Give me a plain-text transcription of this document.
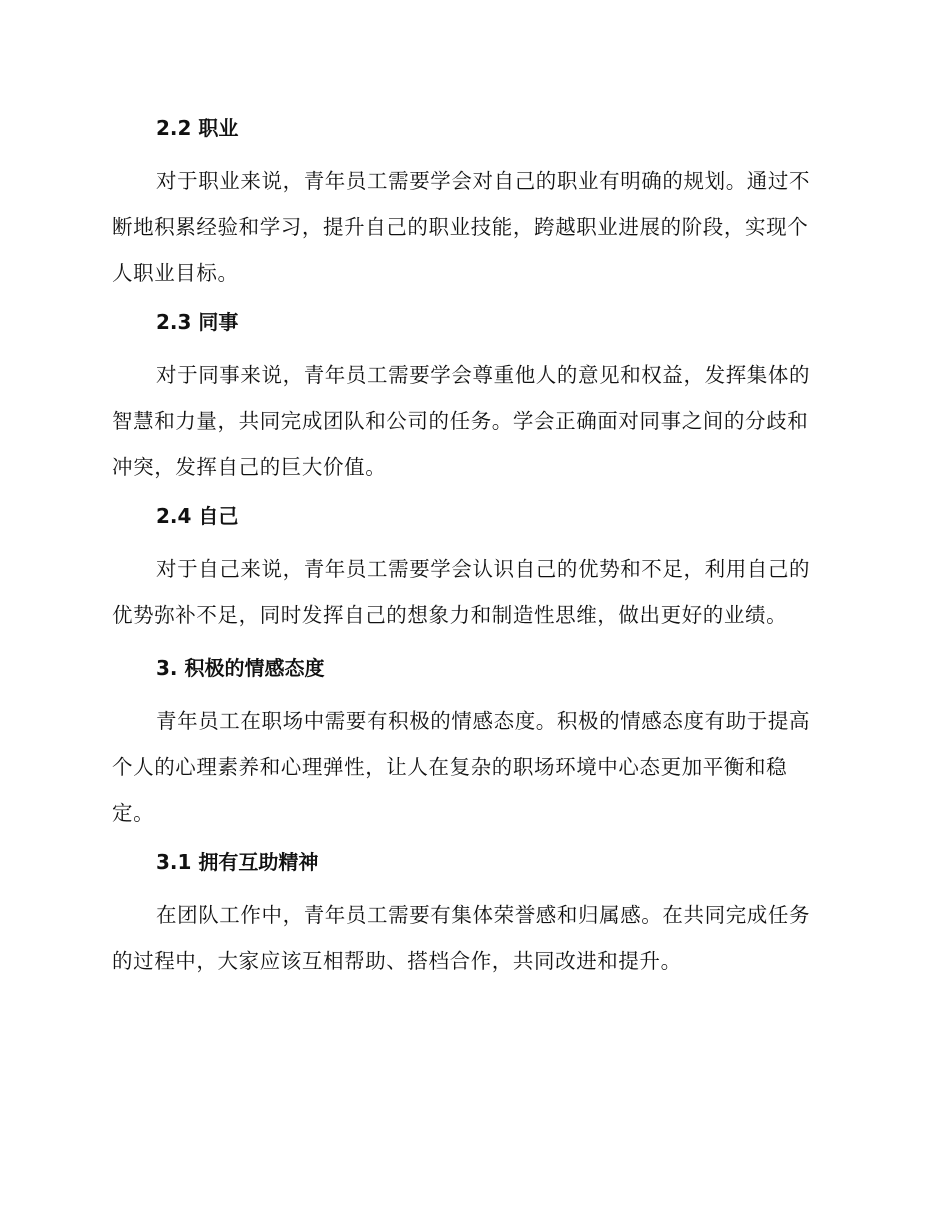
2.2 职业

对于职业来说，青年员工需要学会对自己的职业有明确的规划。通过不
断地积累经验和学习，提升自己的职业技能，跨越职业进展的阶段，实现个
人职业目标。

2.3 同事

对于同事来说，青年员工需要学会尊重他人的意见和权益，发挥集体的
智慧和力量，共同完成团队和公司的任务。学会正确面对同事之间的分歧和
冲突，发挥自己的巨大价值。

2.4 自己

对于自己来说，青年员工需要学会认识自己的优势和不足，利用自己的
优势弥补不足，同时发挥自己的想象力和制造性思维，做出更好的业绩。

3. 积极的情感态度

青年员工在职场中需要有积极的情感态度。积极的情感态度有助于提高
个人的心理素养和心理弹性，让人在复杂的职场环境中心态更加平衡和稳
定。

3.1 拥有互助精神

在团队工作中，青年员工需要有集体荣誉感和归属感。在共同完成任务
的过程中，大家应该互相帮助、搭档合作，共同改进和提升。
